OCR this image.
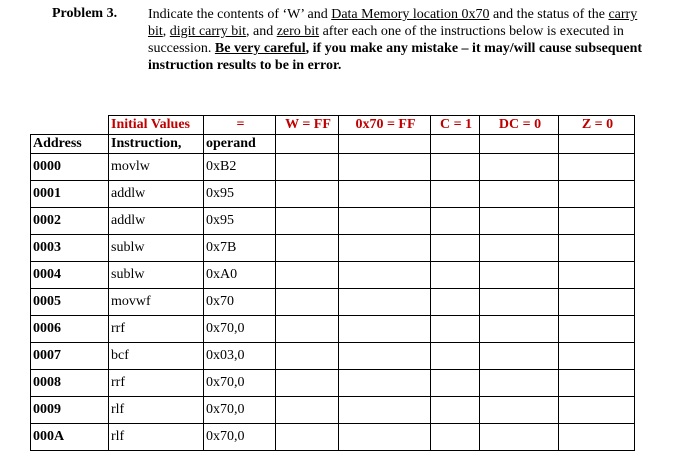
Problem 3. Indicate the contents of ‘W’ and Data Memory location 0x70 and the status of the carry bit, digit carry bit, and zero bit after each one of the instructions below is executed in succession. Be very careful, if you make any mistake – it may/will cause subsequent instruction results to be in error.
	Initial Values	=	W = FF	0x70 = FF	C = 1	DC = 0	Z = 0
Address	Instruction,	operand					
0000	movlw	0xB2					
0001	addlw	0x95					
0002	addlw	0x95					
0003	sublw	0x7B					
0004	sublw	0xA0					
0005	movwf	0x70					
0006	rrf	0x70,0					
0007	bcf	0x03,0					
0008	rrf	0x70,0					
0009	rlf	0x70,0					
000A	rlf	0x70,0					
